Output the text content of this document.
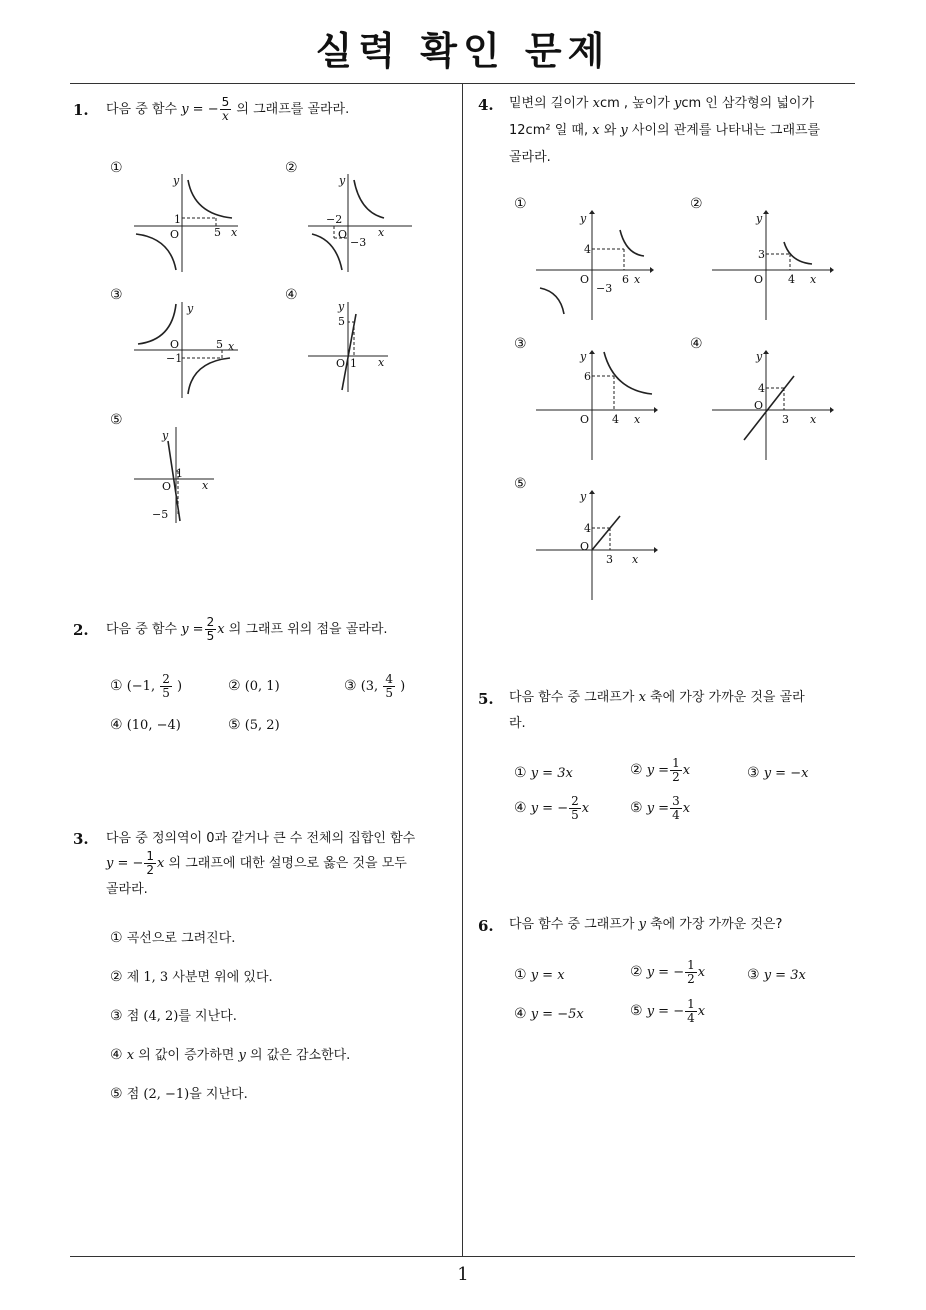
실력 확인 문제
1
1. 다음 중 함수 y = − $\frac{5}{x}$ 의 그래프를 골라라.
①	②
③	④
⑤
y
O	x
1
5
y
O	x
−2
−3
y
O	x
−1
5
y
O	x
5
1
y
O	x
1
−5
2. 다음 중 함수 $y = \frac{2}{5}$ x 의 그래프 위의 점을 골라라.
① (−1, $\frac{2}{5}$ )	② (0, 1)	③ (3, $\frac{4}{5}$ )
④ (10, −4)	⑤ (5, 2)
3. 다음 중 정의역이 0과 같거나 큰 수 전체의 집합인 함수
y = − $\frac{1}{2}$ x 의 그래프에 대한 설명으로 옳은 것을 모두
골라라.
① 곡선으로 그려진다.
② 제 1, 3 사분면 위에 있다.
③ 점 (4, 2)를 지난다.
④ x 의 값이 증가하면 y 의 값은 감소한다.
⑤ 점 (2, −1)을 지난다.
4. 밑변의 길이가 xcm , 높이가 ycm 인 삼각형의 넓이가
12cm² 일 때, x 와 y 사이의 관계를 나타내는 그래프를
골라라.
①	②
③	④
⑤
y
O	x
4
6
−3
y
O	x
3
4
y
O	x
6
4
y
O
x
4
3
y
O
x
4
3
5. 다음 함수 중 그래프가 x 축에 가장 가까운 것을 골라
라.
① y = 3x	② $y = \frac{1}{2}$ x	③ y = −x
④ y = − $\frac{2}{5}$ x	⑤ $y = \frac{3}{4}$ x
6. 다음 함수 중 그래프가 y 축에 가장 가까운 것은?
① y = x	② y = − $\frac{1}{2}$ x	③ y = 3x
④ y = −5x	⑤ y = − $\frac{1}{4}$ x
